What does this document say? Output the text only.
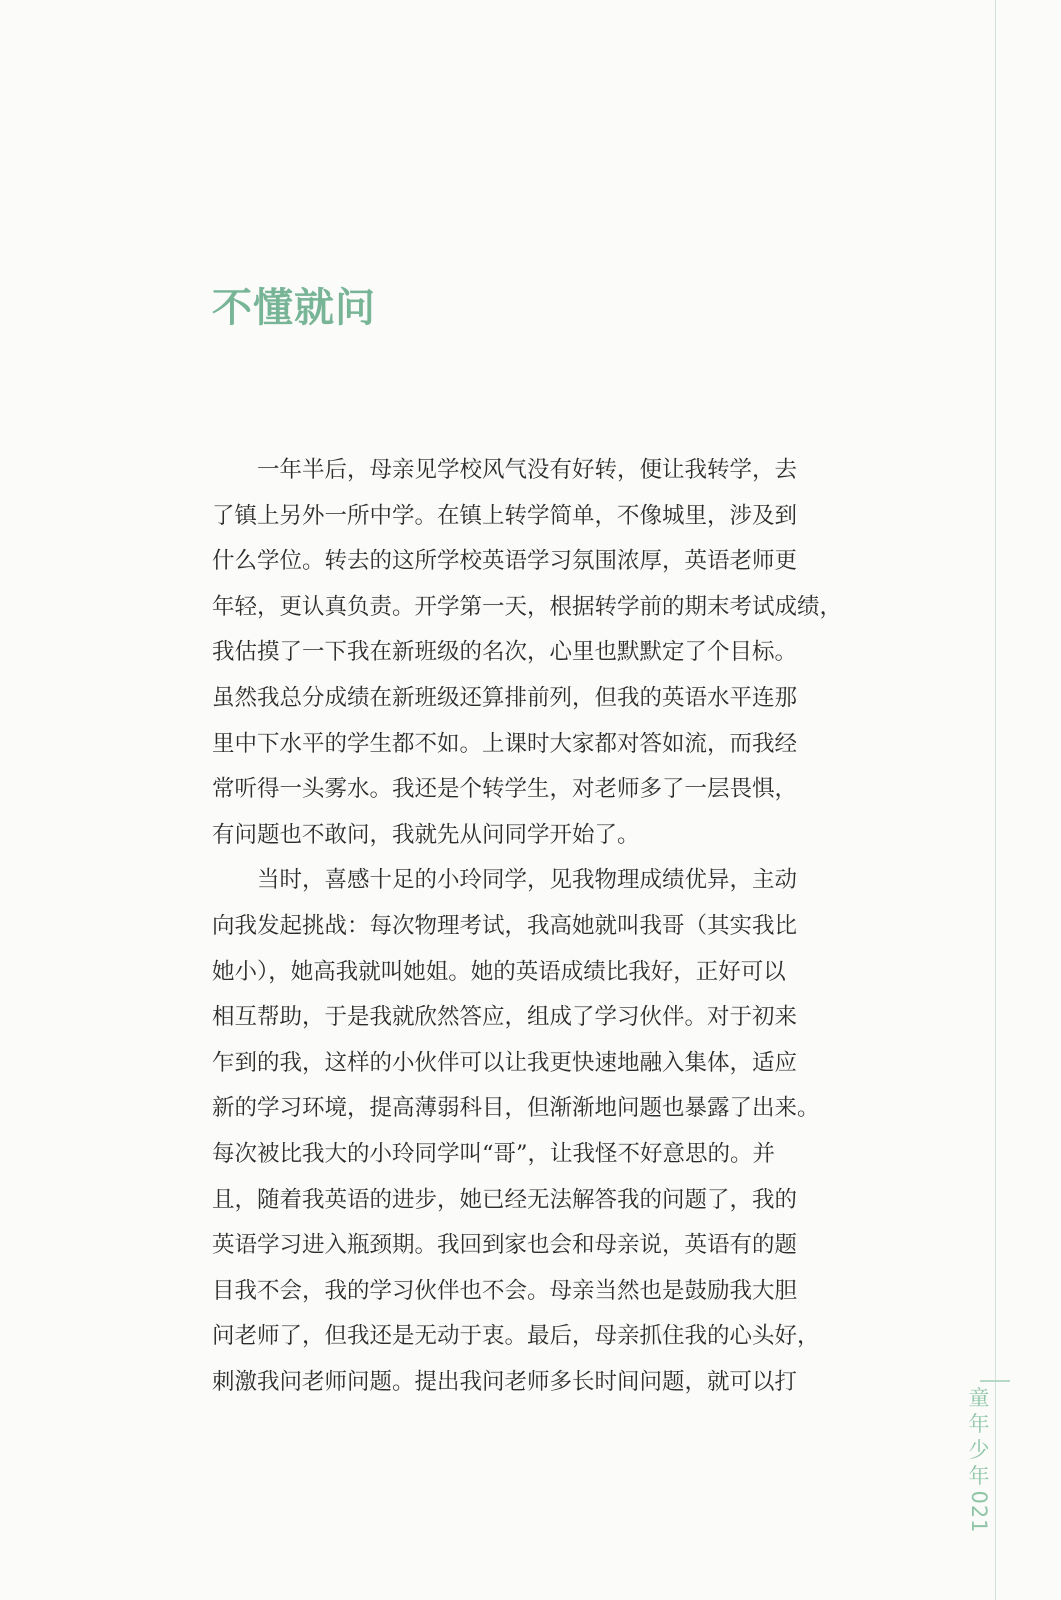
不懂就问
　　一年半后，母亲见学校风气没有好转，便让我转学，去
了镇上另外一所中学。在镇上转学简单，不像城里，涉及到
什么学位。转去的这所学校英语学习氛围浓厚，英语老师更
年轻，更认真负责。开学第一天，根据转学前的期末考试成绩，
我估摸了一下我在新班级的名次，心里也默默定了个目标。
虽然我总分成绩在新班级还算排前列，但我的英语水平连那
里中下水平的学生都不如。上课时大家都对答如流，而我经
常听得一头雾水。我还是个转学生，对老师多了一层畏惧，
有问题也不敢问，我就先从问同学开始了。
　　当时，喜感十足的小玲同学，见我物理成绩优异，主动
向我发起挑战：每次物理考试，我高她就叫我哥（其实我比
她小），她高我就叫她姐。她的英语成绩比我好，正好可以
相互帮助，于是我就欣然答应，组成了学习伙伴。对于初来
乍到的我，这样的小伙伴可以让我更快速地融入集体，适应
新的学习环境，提高薄弱科目，但渐渐地问题也暴露了出来。
每次被比我大的小玲同学叫“哥”，让我怪不好意思的。并
且，随着我英语的进步，她已经无法解答我的问题了，我的
英语学习进入瓶颈期。我回到家也会和母亲说，英语有的题
目我不会，我的学习伙伴也不会。母亲当然也是鼓励我大胆
问老师了，但我还是无动于衷。最后，母亲抓住我的心头好，
刺激我问老师问题。提出我问老师多长时间问题，就可以打
童
年
少
年
021
